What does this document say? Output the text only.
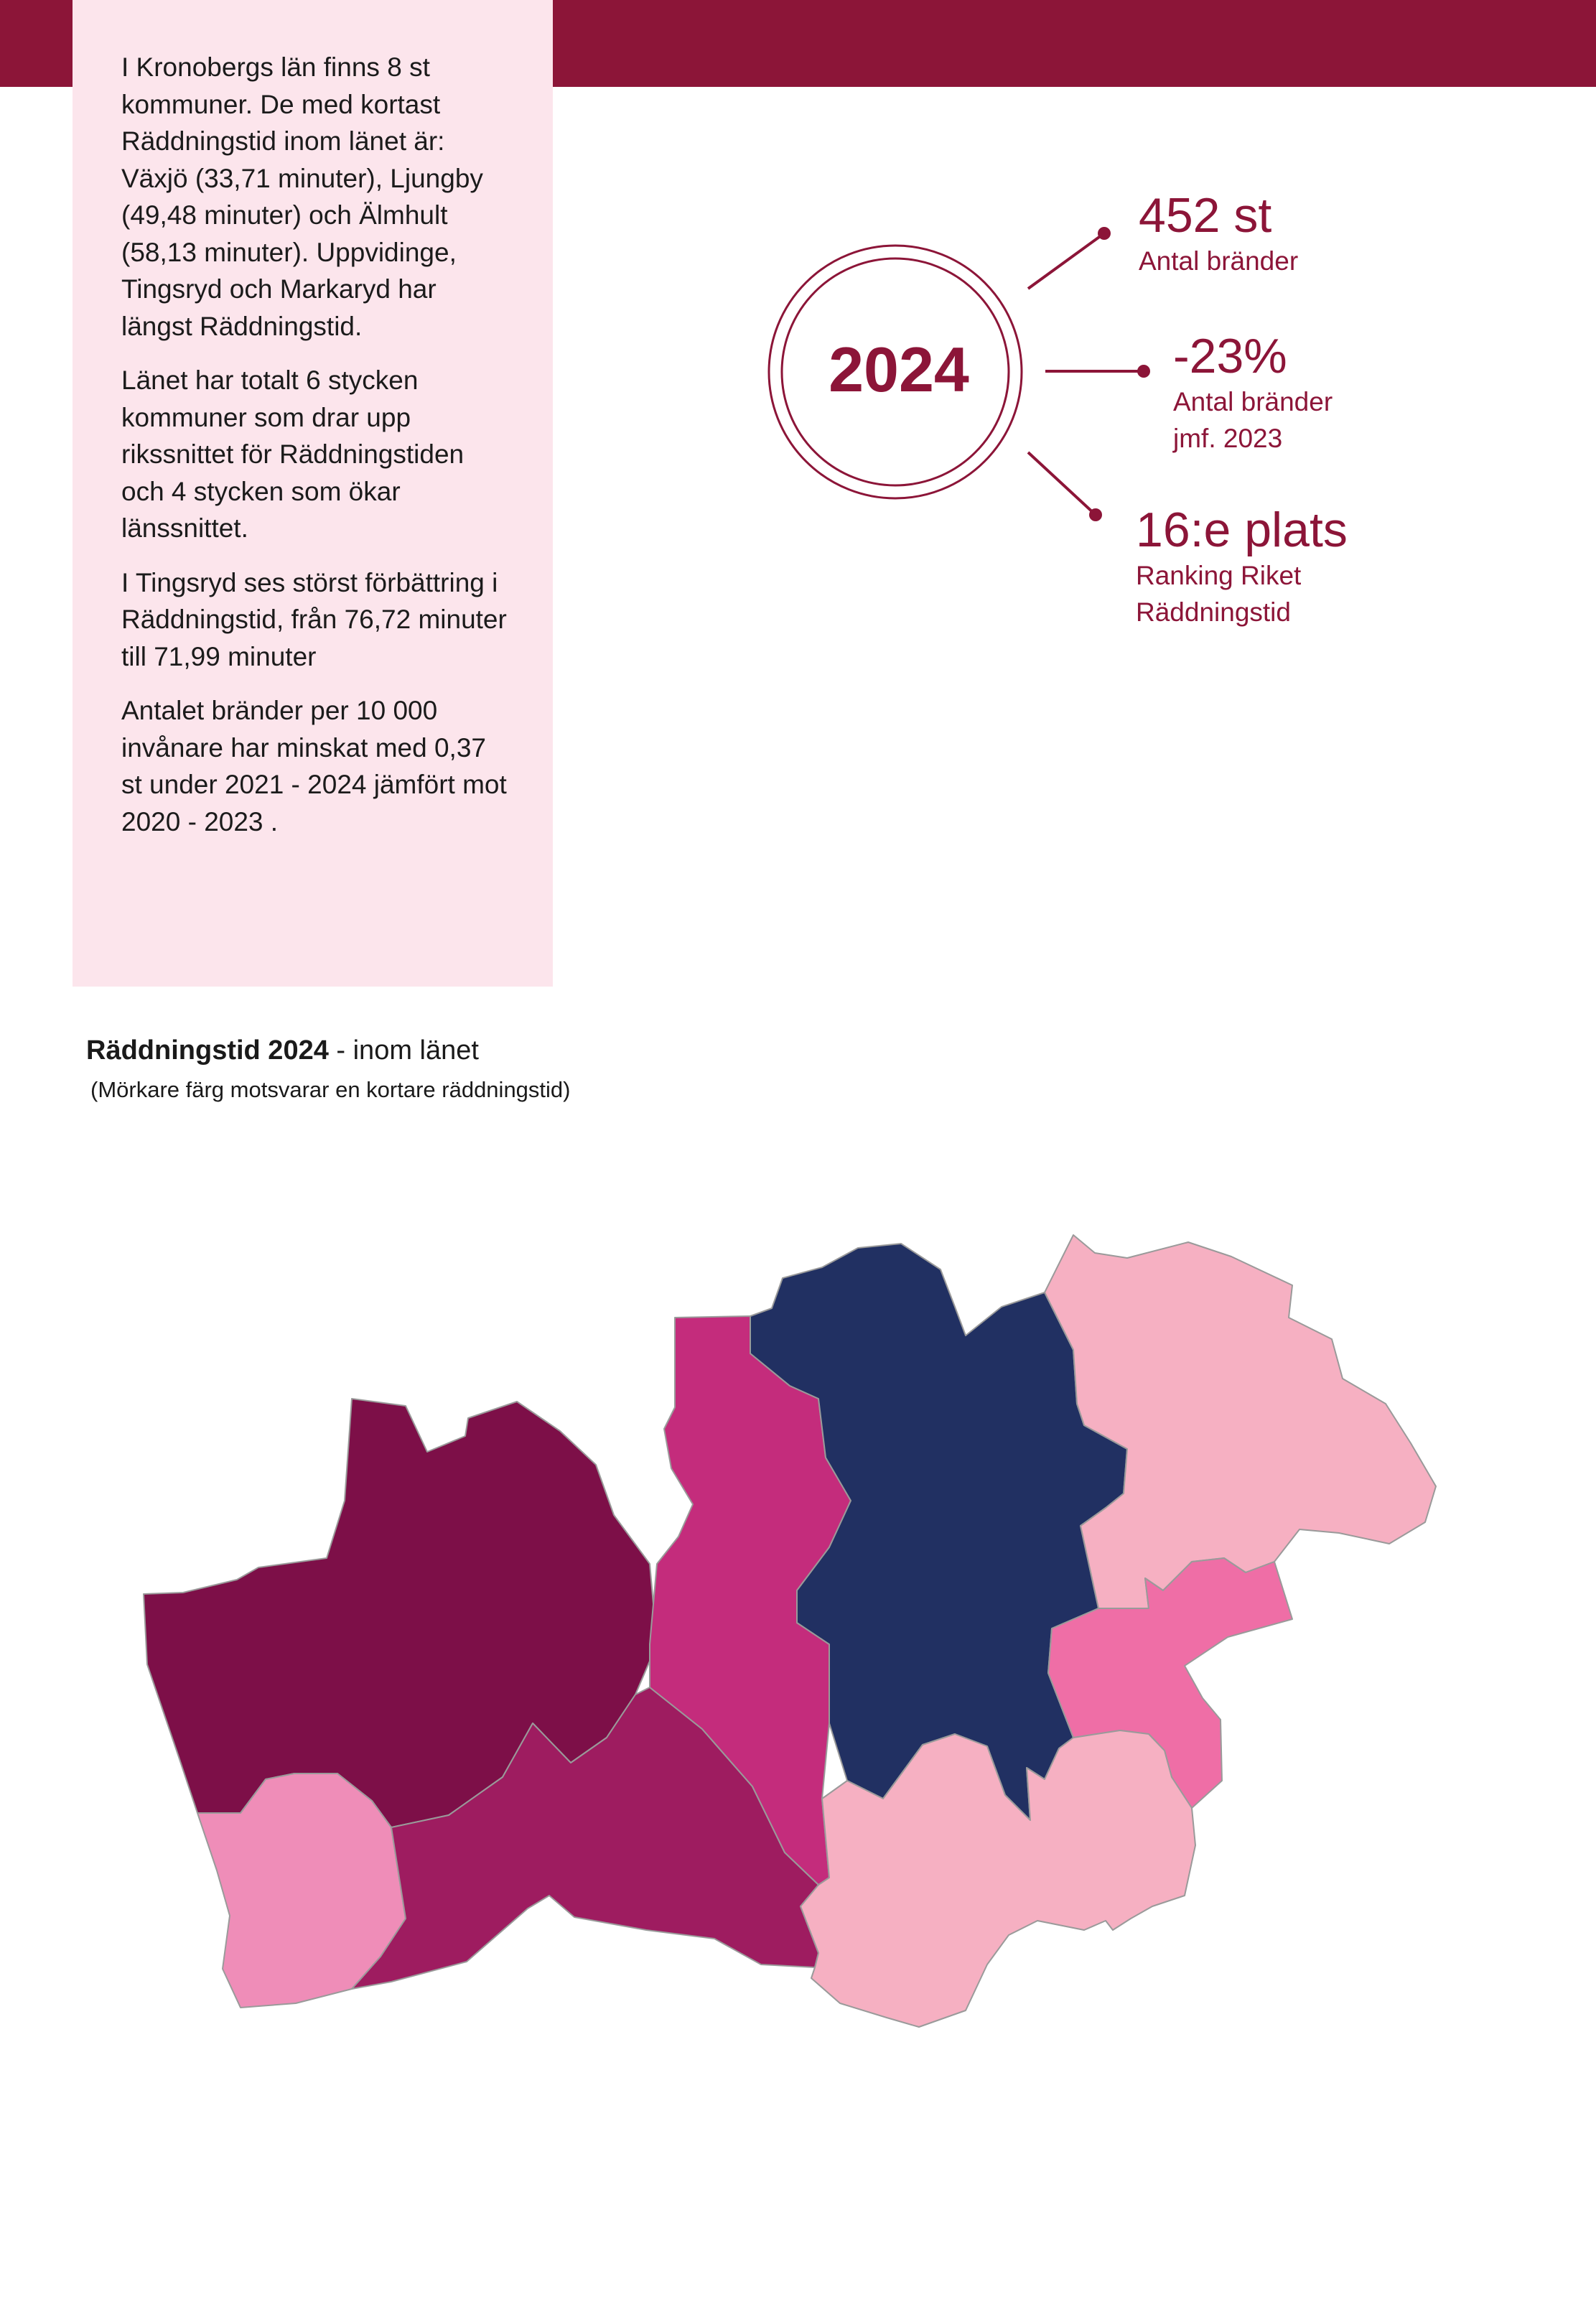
I Kronobergs län finns 8 st kommuner. De med kortast Räddningstid inom länet är: Växjö (33,71 minuter), Ljungby (49,48 minuter) och Älmhult (58,13 minuter). Uppvidinge, Tingsryd och Markaryd har längst Räddningstid.

Länet har totalt 6 stycken kommuner som drar upp rikssnittet för Räddningstiden och 4 stycken som ökar länssnittet.

I Tingsryd ses störst förbättring i Räddningstid, från 76,72 minuter till 71,99 minuter

Antalet bränder per 10 000 invånare har minskat med 0,37 st under 2021 - 2024 jämfört mot 2020 - 2023 .

2024
452 st
Antal bränder
-23%
Antal bränder
jmf. 2023
16:e plats
Ranking Riket
Räddningstid
Räddningstid 2024 - inom länet
(Mörkare färg motsvarar en kortare räddningstid)
